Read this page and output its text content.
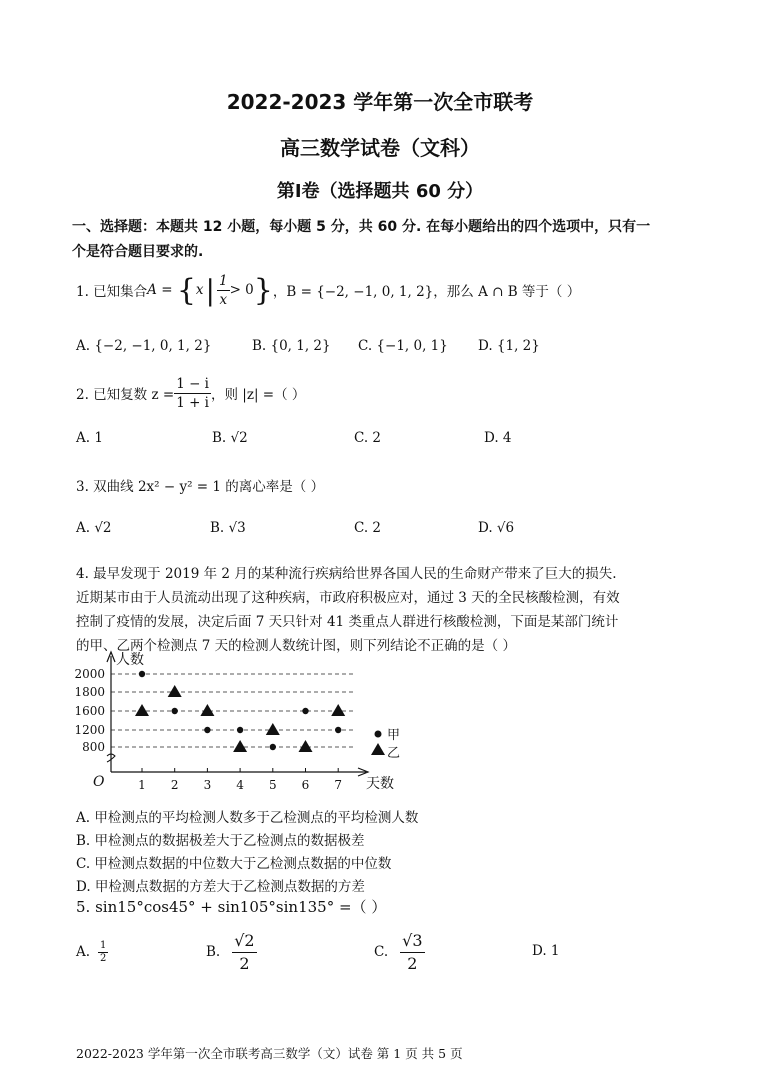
2022-2023 学年第一次全市联考
高三数学试卷（文科）
第Ⅰ卷（选择题共 60 分）
一、选择题：本题共 12 小题，每小题 5 分，共 60 分. 在每小题给出的四个选项中，只有一
个是符合题目要求的.
1. 已知集合 A = { x | $\frac{1}{x} > 0$ } ，B = {−2, −1, 0, 1, 2} ，那么 A ∩ B 等于（ ）
A. {−2, −1, 0, 1, 2}	B. {0, 1, 2} C. {−1, 0, 1} D. {1, 2}
2. 已知复数 $z = \frac{1 - i}{1 + i}$ ，则 |z| =（ ）
A. 1	B. √2	C. 2	D. 4
3. 双曲线 2x² − y² = 1 的离心率是（ ）
A. √2	B. √3	C. 2	D. √6
4. 最早发现于 2019 年 2 月的某种流行疾病给世界各国人民的生命财产带来了巨大的损失.
近期某市由于人员流动出现了这种疾病，市政府积极应对，通过 3 天的全民核酸检测，有效
控制了疫情的发展，决定后面 7 天只针对 41 类重点人群进行核酸检测，下面是某部门统计
的甲、乙两个检测点 7 天的检测人数统计图，则下列结论不正确的是（ ）
人数
天数
O
800
1200
1600
1800
2000
1 2 3 4 5 6 7
甲
乙
A. 甲检测点的平均检测人数多于乙检测点的平均检测人数
B. 甲检测点的数据极差大于乙检测点的数据极差
C. 甲检测点数据的中位数大于乙检测点数据的中位数
D. 甲检测点数据的方差大于乙检测点数据的方差
5. sin15°cos45° + sin105°sin135° =（ ）
A. $\frac{1}{2}$	B. $\frac{√2}{2}$	C. $\frac{√3}{2}$	D. 1
2022-2023 学年第一次全市联考高三数学（文）试卷 第 1 页 共 5 页
